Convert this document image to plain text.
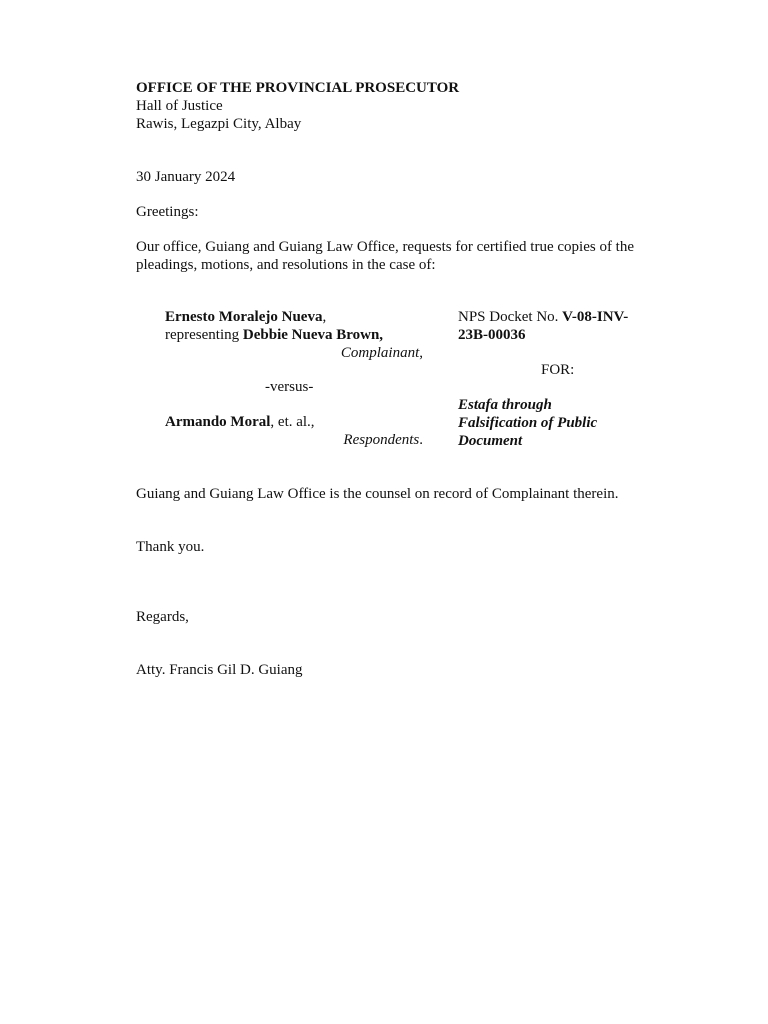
OFFICE OF THE PROVINCIAL PROSECUTOR
Hall of Justice
Rawis, Legazpi City, Albay
30 January 2024
Greetings:
Our office, Guiang and Guiang Law Office, requests for certified true copies of the pleadings, motions, and resolutions in the case of:
Ernesto Moralejo Nueva,
representing Debbie Nueva Brown,
Complainant,
-versus-
Armando Moral, et. al.,
Respondents.
NPS Docket No. V-08-INV-
23B-00036
FOR:
Estafa through
Falsification of Public
Document
Guiang and Guiang Law Office is the counsel on record of Complainant therein.
Thank you.
Regards,
Atty. Francis Gil D. Guiang
